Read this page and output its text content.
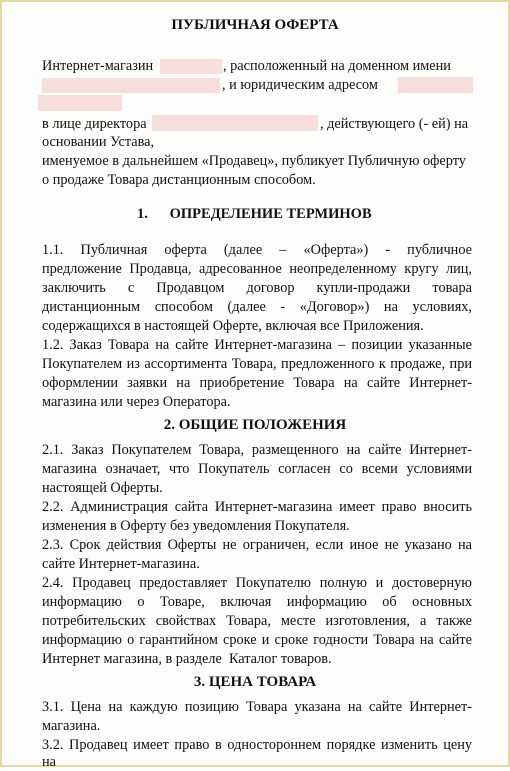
ПУБЛИЧНАЯ ОФЕРТА
Интернет-магазин	, расположенный на доменном имени
, и юридическим адресом
в лице директора	, действующего (- ей) на
основании Устава,
именуемое в дальнейшем «Продавец», публикует Публичную оферту
о продаже Товара дистанционным способом.
1.      ОПРЕДЕЛЕНИЕ ТЕРМИНОВ
1.1. Публичная оферта (далее – «Оферта») - публичное
предложение Продавца, адресованное неопределенному кругу лиц,
заключить с Продавцом договор купли-продажи товара
дистанционным способом (далее - «Договор») на условиях,
содержащихся в настоящей Оферте, включая все Приложения.
1.2. Заказ Товара на сайте Интернет-магазина – позиции указанные
Покупателем из ассортимента Товара, предложенного к продаже, при
оформлении заявки на приобретение Товара на сайте Интернет-
магазина или через Оператора.
2. ОБЩИЕ ПОЛОЖЕНИЯ
2.1. Заказ Покупателем Товара, размещенного на сайте Интернет-
магазина означает, что Покупатель согласен со всеми условиями
настоящей Оферты.
2.2. Администрация сайта Интернет-магазина имеет право вносить
изменения в Оферту без уведомления Покупателя.
2.3. Срок действия Оферты не ограничен, если иное не указано на
сайте Интернет-магазина.
2.4. Продавец предоставляет Покупателю полную и достоверную
информацию о Товаре, включая информацию об основных
потребительских свойствах Товара, месте изготовления, а также
информацию о гарантийном сроке и сроке годности Товара на сайте
Интернет магазина, в разделе  Каталог товаров.
3. ЦЕНА ТОВАРА
3.1. Цена на каждую позицию Товара указана на сайте Интернет-
магазина.
3.2. Продавец имеет право в одностороннем порядке изменить цену на
